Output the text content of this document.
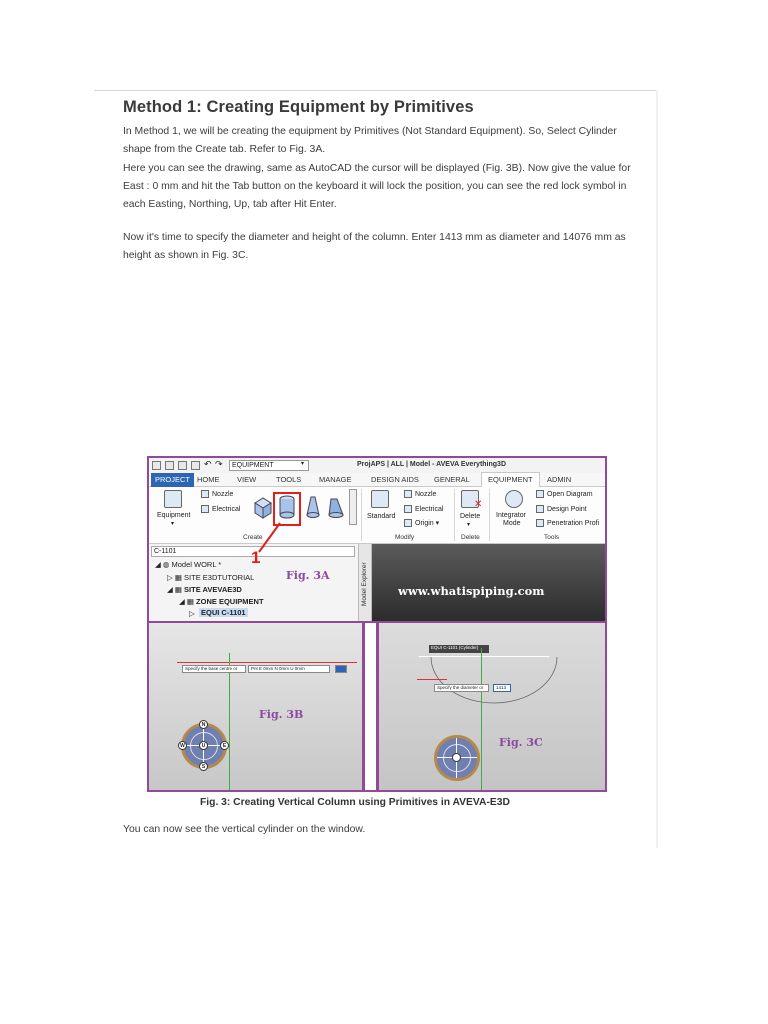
Method 1: Creating Equipment by Primitives
In Method 1, we will be creating the equipment by Primitives (Not Standard Equipment). So, Select Cylinder
shape from the Create tab. Refer to Fig. 3A.
Here you can see the drawing, same as AutoCAD the cursor will be displayed (Fig. 3B). Now give the value for
East : 0 mm and hit the Tab button on the keyboard it will lock the position, you can see the red lock symbol in
each Easting, Northing, Up, tab after Hit Enter.
Now it's time to specify the diameter and height of the column. Enter 1413 mm as diameter and 14076 mm as
height as shown in Fig. 3C.
↶ ↷	EQUIPMENT	▾	ProjAPS | ALL | Model - AVEVA Everything3D
PROJECT HOME VIEW	TOOLS MANAGE	DESIGN AIDS GENERAL	EQUIPMENT	ADMIN
Equipment
▾
Nozzle
Electrical
Create
Standard
Nozzle
Electrical
Origin ▾
Modify
✕
Delete
▾
Delete
Integrator
Mode
Open Diagram
Design Point
Penetration Profi
Tools
C-1101
◢ ◍ Model WORL *
▷ ▦ SITE E3DTUTORIAL
◢ ▦ SITE AVEVAE3D
◢ ▦ ZONE EQUIPMENT
▷ EQUI C-1101
Model Explorer	www.whatispiping.com
Fig. 3A
Specify the base centre or	Pnt E 0mm N 0mm U 0mm
Fig. 3B
N
W	E
S
U
EQUI C-1101 (Cylinder)
Specify the diameter or	1413
Fig. 3C
1
Fig. 3: Creating Vertical Column using Primitives in AVEVA-E3D
You can now see the vertical cylinder on the window.
